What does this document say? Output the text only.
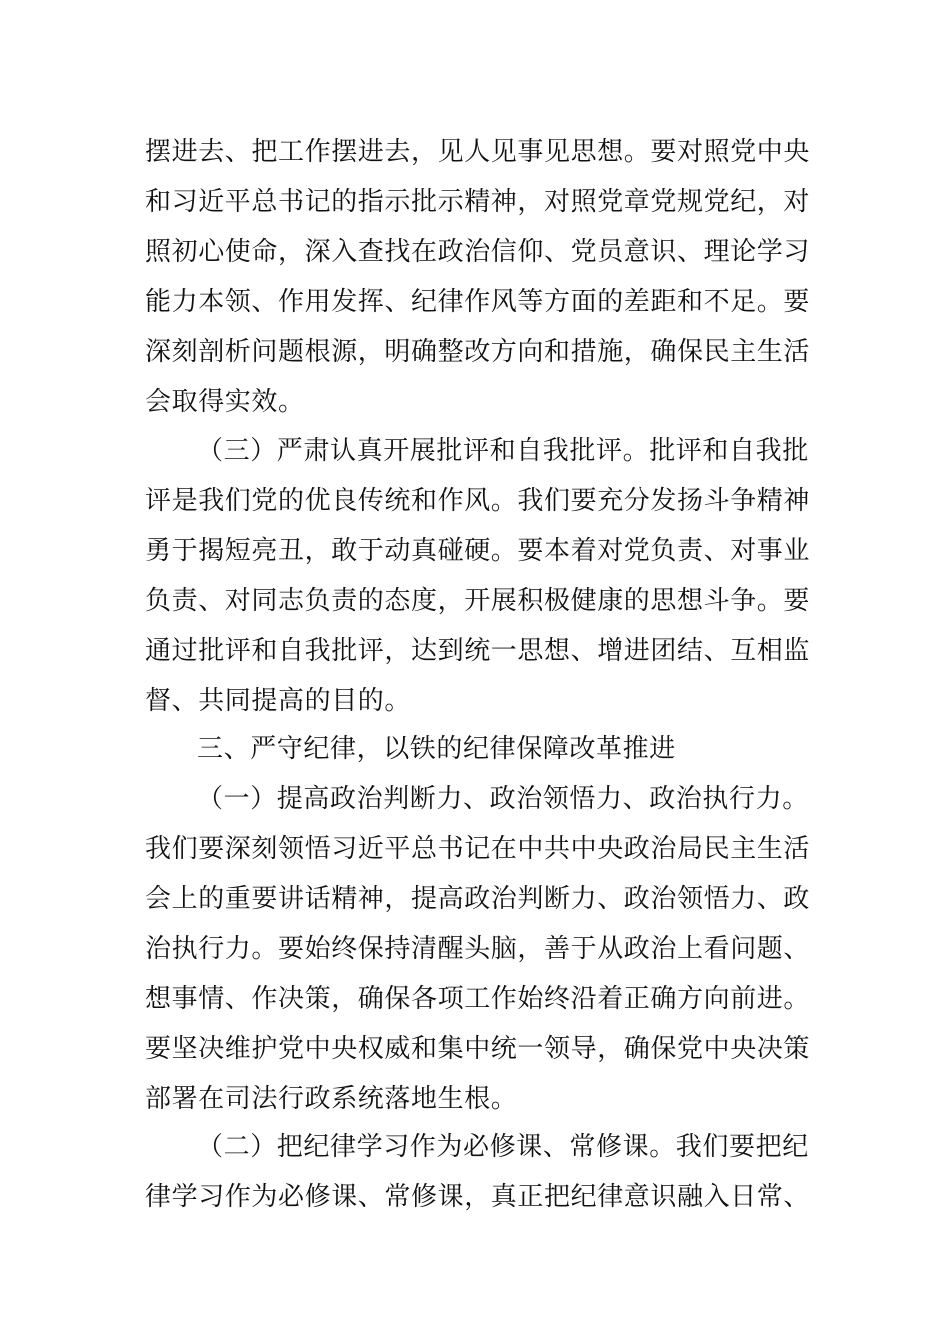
摆进去、把工作摆进去，见人见事见思想。要对照党中央
和习近平总书记的指示批示精神，对照党章党规党纪，对
照初心使命，深入查找在政治信仰、党员意识、理论学习
能力本领、作用发挥、纪律作风等方面的差距和不足。要
深刻剖析问题根源，明确整改方向和措施，确保民主生活
会取得实效。
（三）严肃认真开展批评和自我批评。批评和自我批
评是我们党的优良传统和作风。我们要充分发扬斗争精神
勇于揭短亮丑，敢于动真碰硬。要本着对党负责、对事业
负责、对同志负责的态度，开展积极健康的思想斗争。要
通过批评和自我批评，达到统一思想、增进团结、互相监
督、共同提高的目的。
三、严守纪律，以铁的纪律保障改革推进
（一）提高政治判断力、政治领悟力、政治执行力。
我们要深刻领悟习近平总书记在中共中央政治局民主生活
会上的重要讲话精神，提高政治判断力、政治领悟力、政
治执行力。要始终保持清醒头脑，善于从政治上看问题、
想事情、作决策，确保各项工作始终沿着正确方向前进。
要坚决维护党中央权威和集中统一领导，确保党中央决策
部署在司法行政系统落地生根。
（二）把纪律学习作为必修课、常修课。我们要把纪
律学习作为必修课、常修课，真正把纪律意识融入日常、
